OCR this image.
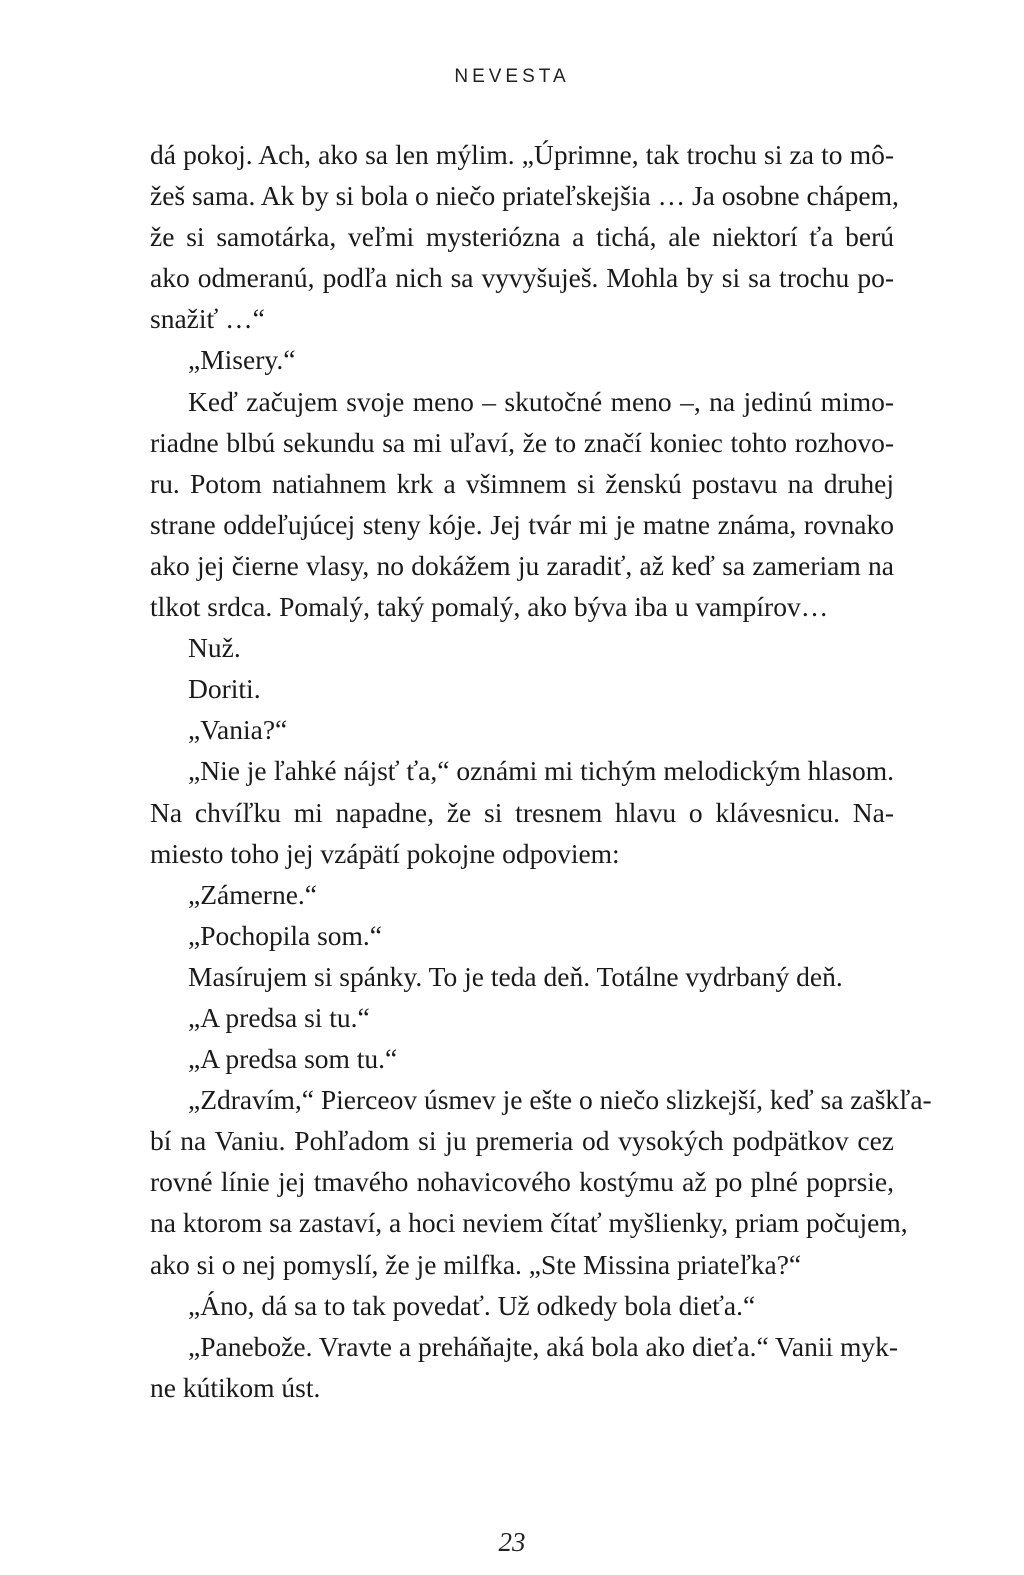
NEVESTA
dá pokoj. Ach, ako sa len mýlim. „Úprimne, tak trochu si za to mô-
žeš sama. Ak by si bola o niečo priateľskejšia … Ja osobne chápem,
že si samotárka, veľmi mysteriózna a tichá, ale niektorí ťa berú
ako odmeranú, podľa nich sa vyvyšuješ. Mohla by si sa trochu po-
snažiť …“
„Misery.“
Keď začujem svoje meno – skutočné meno –, na jedinú mimo-
riadne blbú sekundu sa mi uľaví, že to značí koniec tohto rozhovo-
ru. Potom natiahnem krk a všimnem si ženskú postavu na druhej
strane oddeľujúcej steny kóje. Jej tvár mi je matne známa, rovnako
ako jej čierne vlasy, no dokážem ju zaradiť, až keď sa zameriam na
tlkot srdca. Pomalý, taký pomalý, ako býva iba u vampírov…
Nuž.
Doriti.
„Vania?“
„Nie je ľahké nájsť ťa,“ oznámi mi tichým melodickým hlasom.
Na chvíľku mi napadne, že si tresnem hlavu o klávesnicu. Na-
miesto toho jej vzápätí pokojne odpoviem:
„Zámerne.“
„Pochopila som.“
Masírujem si spánky. To je teda deň. Totálne vydrbaný deň.
„A predsa si tu.“
„A predsa som tu.“
„Zdravím,“ Pierceov úsmev je ešte o niečo slizkejší, keď sa zaškľa-
bí na Vaniu. Pohľadom si ju premeria od vysokých podpätkov cez
rovné línie jej tmavého nohavicového kostýmu až po plné poprsie,
na ktorom sa zastaví, a hoci neviem čítať myšlienky, priam počujem,
ako si o nej pomyslí, že je milfka. „Ste Missina priateľka?“
„Áno, dá sa to tak povedať. Už odkedy bola dieťa.“
„Panebože. Vravte a preháňajte, aká bola ako dieťa.“ Vanii myk-
ne kútikom úst.
23
